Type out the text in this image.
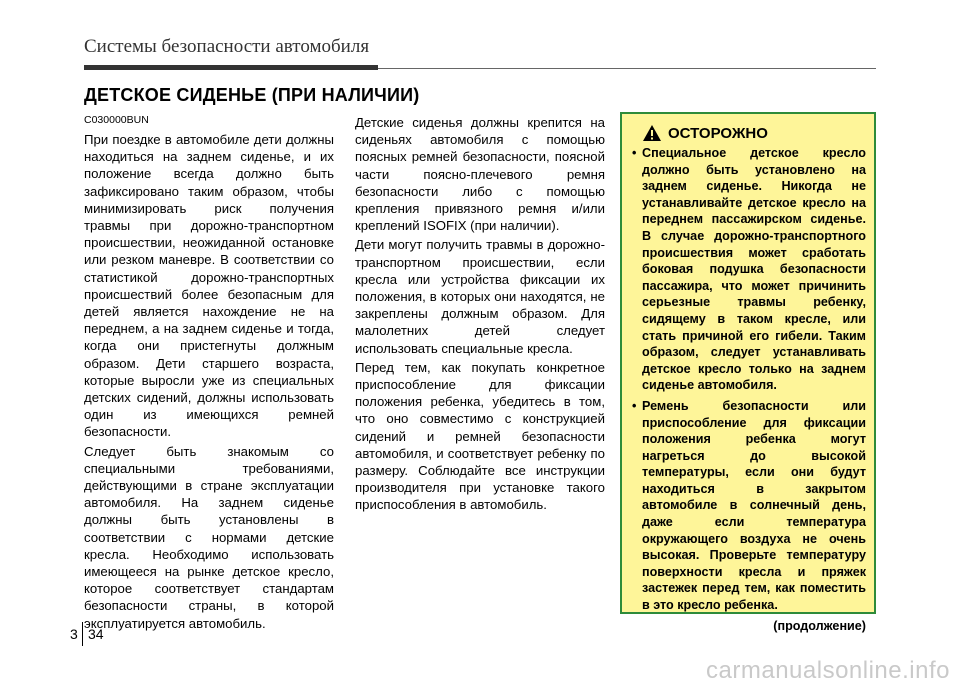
Системы безопасности автомобиля
ДЕТСКОЕ СИДЕНЬЕ (ПРИ НАЛИЧИИ)

C030000BUN

При поездке в автомобиле дети должны находиться на заднем сиденье, и их положение всегда должно быть зафиксировано таким образом, чтобы минимизировать риск получения травмы при дорожно-транспортном происшествии, неожиданной остановке или резком маневре. В соответствии со статистикой дорожно-транспортных происшествий более безопасным для детей является нахождение не на переднем, а на заднем сиденье и тогда, когда они пристегнуты должным образом. Дети старшего возраста, которые выросли уже из специальных детских сидений, должны использовать один из имеющихся ремней безопасности.

Следует быть знакомым со специальными требованиями, действующими в стране эксплуатации автомобиля. На заднем сиденье должны быть установлены в соответствии с нормами детские кресла. Необходимо использовать имеющееся на рынке детское кресло, которое соответствует стандартам безопасности страны, в которой эксплуатируется автомобиль.

Детские сиденья должны крепится на сиденьях автомобиля с помощью поясных ремней безопасности, поясной части поясно-плечевого ремня безопасности либо с помощью крепления привязного ремня и/или креплений ISOFIX (при наличии).

Дети могут получить травмы в дорожно-транспортном происшествии, если кресла или устройства фиксации их положения, в которых они находятся, не закреплены должным образом. Для малолетних детей следует использовать специальные кресла.

Перед тем, как покупать конкретное приспособление для фиксации положения ребенка, убедитесь в том, что оно совместимо с конструкцией сидений и ремней безопасности автомобиля, и соответствует ребенку по размеру. Соблюдайте все инструкции производителя при установке такого приспособления в автомобиль.

ОСТОРОЖНО
• Специальное детское кресло должно быть установлено на заднем сиденье. Никогда не устанавливайте детское кресло на переднем пассажирском сиденье. В случае дорожно-транспортного происшествия может сработать боковая подушка безопасности пассажира, что может причинить серьезные травмы ребенку, сидящему в таком кресле, или стать причиной его гибели. Таким образом, следует устанавливать детское кресло только на заднем сиденье автомобиля.
• Ремень безопасности или приспособление для фиксации положения ребенка могут нагреться до высокой температуры, если они будут находиться в закрытом автомобиле в солнечный день, даже если температура окружающего воздуха не очень высокая. Проверьте температуру поверхности кресла и пряжек застежек перед тем, как поместить в это кресло ребенка.
(продолжение)
3 34
carmanualsonline.info
